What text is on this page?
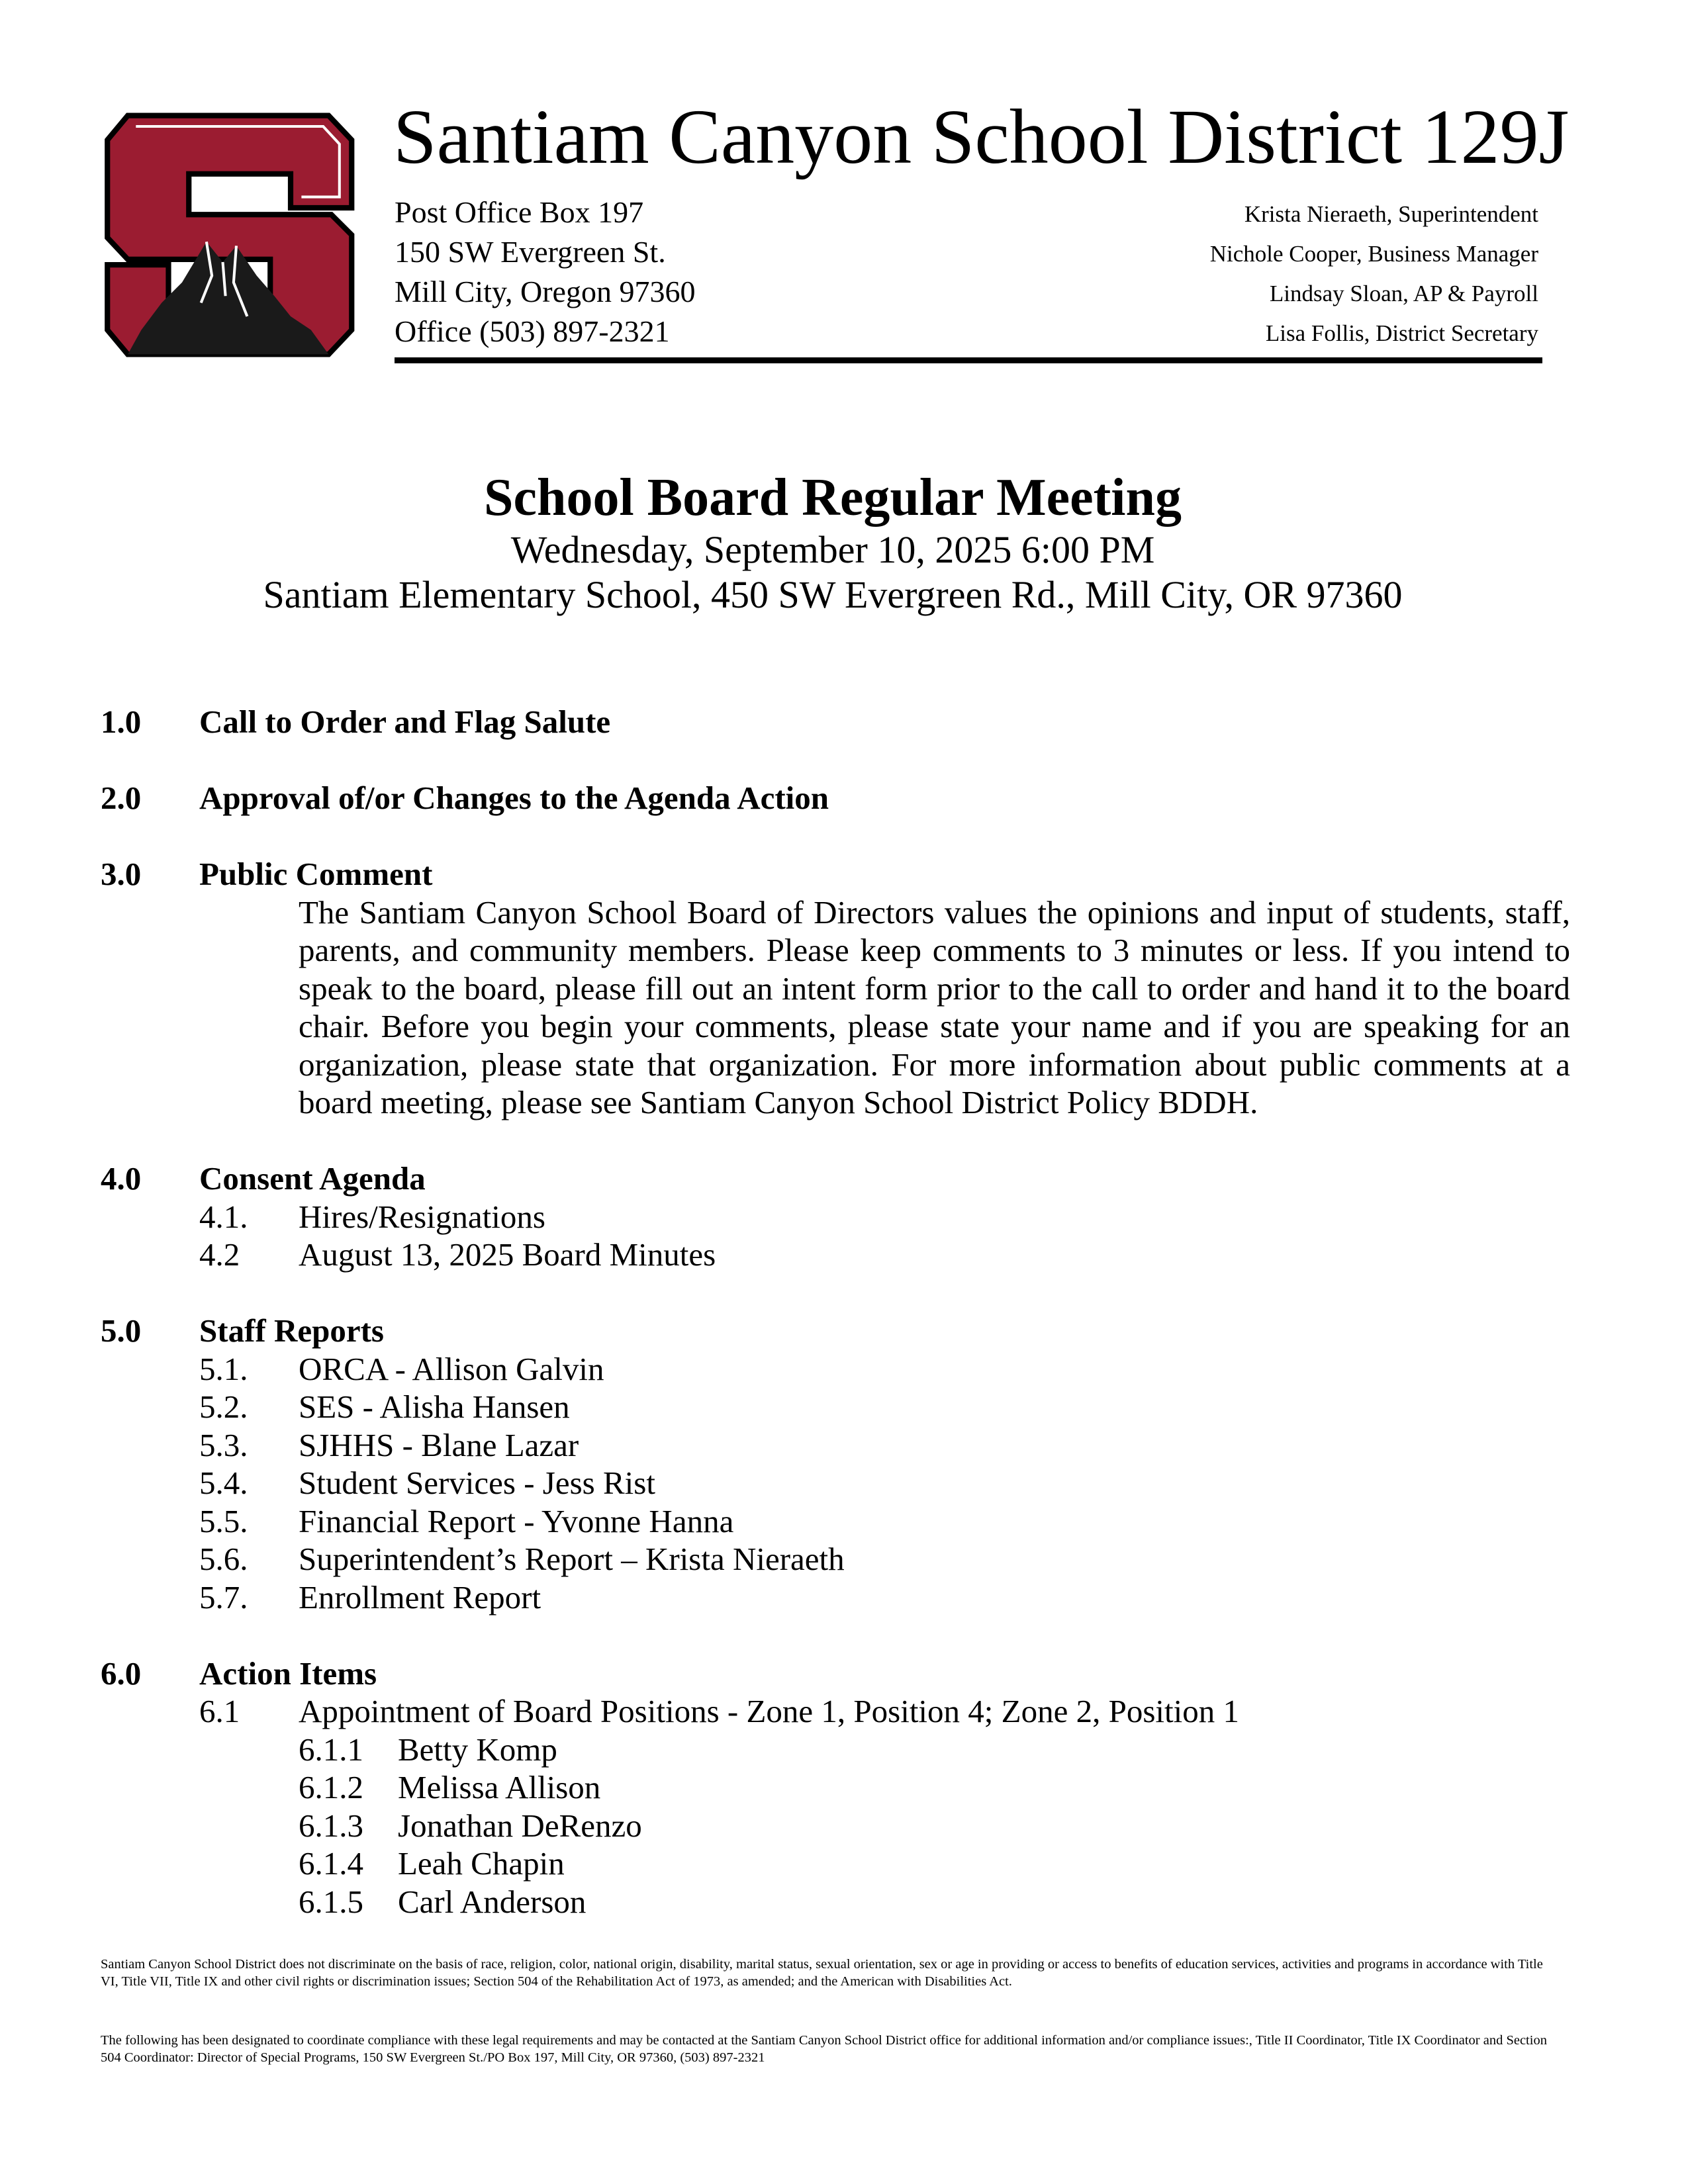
Santiam Canyon School District 129J
Post Office Box 197
150 SW Evergreen St.
Mill City, Oregon 97360
Office (503) 897-2321
Krista Nieraeth, Superintendent
Nichole Cooper, Business Manager
Lindsay Sloan, AP & Payroll
Lisa Follis, District Secretary
School Board Regular Meeting
Wednesday, September 10, 2025 6:00 PM
Santiam Elementary School, 450 SW Evergreen Rd., Mill City, OR 97360
1.0	Call to Order and Flag Salute
2.0	Approval of/or Changes to the Agenda Action
3.0	Public Comment
The Santiam Canyon School Board of Directors values the opinions and input of students, staff, parents, and community members. Please keep comments to 3 minutes or less. If you intend to speak to the board, please fill out an intent form prior to the call to order and hand it to the board chair. Before you begin your comments, please state your name and if you are speaking for an organization, please state that organization. For more information about public comments at a board meeting, please see Santiam Canyon School District Policy BDDH.
4.0	Consent Agenda
4.1.	Hires/Resignations
4.2	August 13, 2025 Board Minutes
5.0	Staff Reports
5.1.	ORCA - Allison Galvin
5.2.	SES - Alisha Hansen
5.3.	SJHHS - Blane Lazar
5.4.	Student Services - Jess Rist
5.5.	Financial Report - Yvonne Hanna
5.6.	Superintendent’s Report – Krista Nieraeth
5.7.	Enrollment Report
6.0	Action Items
6.1	Appointment of Board Positions - Zone 1, Position 4; Zone 2, Position 1
6.1.1	Betty Komp
6.1.2	Melissa Allison
6.1.3	Jonathan DeRenzo
6.1.4	Leah Chapin
6.1.5	Carl Anderson
Santiam Canyon School District does not discriminate on the basis of race, religion, color, national origin, disability, marital status, sexual orientation, sex or age in providing or access to benefits of education services, activities and programs in accordance with Title VI, Title VII, Title IX and other civil rights or discrimination issues; Section 504 of the Rehabilitation Act of 1973, as amended; and the American with Disabilities Act.
The following has been designated to coordinate compliance with these legal requirements and may be contacted at the Santiam Canyon School District office for additional information and/or compliance issues:, Title II Coordinator, Title IX Coordinator and Section 504 Coordinator: Director of Special Programs, 150 SW Evergreen St./PO Box 197, Mill City, OR 97360, (503) 897-2321
